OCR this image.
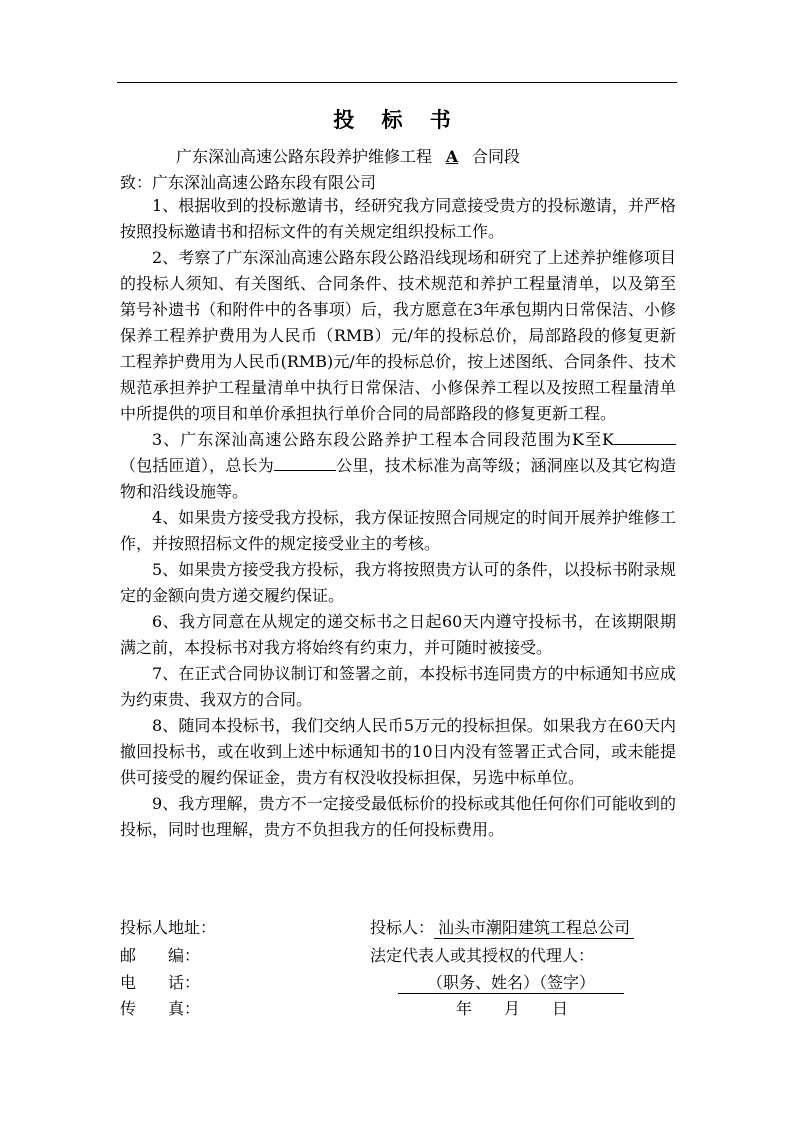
投 标 书
广东深汕高速公路东段养护维修工程 A 合同段
致：广东深汕高速公路东段有限公司

1、根据收到的投标邀请书，经研究我方同意接受贵方的投标邀请，并严格按照投标邀请书和招标文件的有关规定组织投标工作。

2、考察了广东深汕高速公路东段公路沿线现场和研究了上述养护维修项目的投标人须知、有关图纸、合同条件、技术规范和养护工程量清单，以及第至第号补遗书（和附件中的各事项）后，我方愿意在3年承包期内日常保洁、小修保养工程养护费用为人民币（RMB）元/年的投标总价，局部路段的修复更新工程养护费用为人民币(RMB)元/年的投标总价，按上述图纸、合同条件、技术规范承担养护工程量清单中执行日常保洁、小修保养工程以及按照工程量清单中所提供的项目和单价承担执行单价合同的局部路段的修复更新工程。

3、广东深汕高速公路东段公路养护工程本合同段范围为K至K（包括匝道），总长为	公里，技术标准为高等级；涵洞座以及其它构造物和沿线设施等。

4、如果贵方接受我方投标，我方保证按照合同规定的时间开展养护维修工作，并按照招标文件的规定接受业主的考核。

5、如果贵方接受我方投标，我方将按照贵方认可的条件，以投标书附录规定的金额向贵方递交履约保证。

6、我方同意在从规定的递交标书之日起60天内遵守投标书，在该期限期满之前，本投标书对我方将始终有约束力，并可随时被接受。

7、在正式合同协议制订和签署之前，本投标书连同贵方的中标通知书应成为约束贵、我双方的合同。

8、随同本投标书，我们交纳人民币5万元的投标担保。如果我方在60天内撤回投标书，或在收到上述中标通知书的10日内没有签署正式合同，或未能提供可接受的履约保证金，贵方有权没收投标担保，另选中标单位。

9、我方理解，贵方不一定接受最低标价的投标或其他任何你们可能收到的投标，同时也理解，贵方不负担我方的任何投标费用。

投标人地址：
邮　　编：
电　　话：
传　　真：
投标人： 汕头市潮阳建筑工程总公司
法定代表人或其授权的代理人：
（职务、姓名）（签字）
年　　月　　日
